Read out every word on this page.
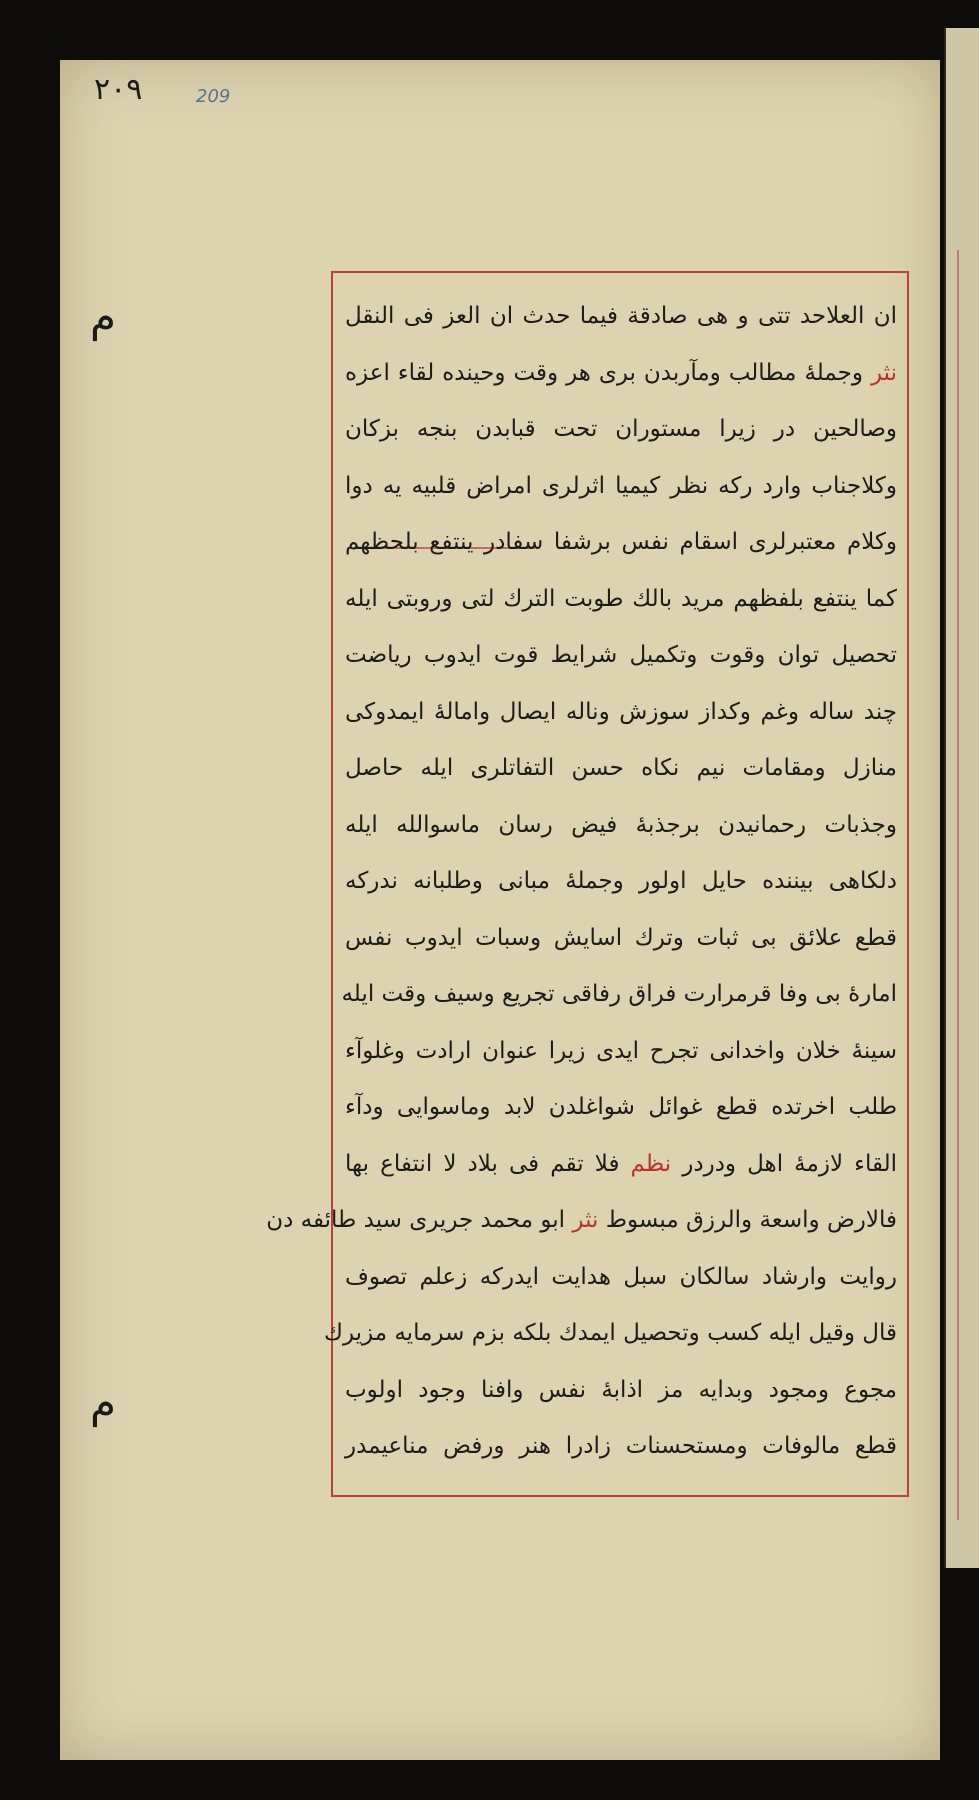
٢٠٩	209
م
م
ان العلاحد تتى و هى صادقة فيما حدث ان العز فى النقل
نثر وجملهٔ مطالب ومآربدن برى هر وقت وحينده لقاء اعزه
وصالحين در زيرا مستوران تحت قبابدن بنجه بزكان
وكلاجناب وارد ركه نظر كيميا اثرلرى امراض قلبيه يه دوا
وكلام معتبرلرى اسقام نفس برشفا سفادر ينتفع بلحظهم
كما ينتفع بلفظهم مريد بالك طوبت الترك لتى وروبتى ايله
تحصيل توان وقوت وتكميل شرايط قوت ايدوب رياضت
چند ساله وغم وكداز سوزش وناله ايصال وامالهٔ ايمدوكى
منازل ومقامات نيم نكاه حسن التفاتلرى ايله حاصل
وجذبات رحمانيدن برجذبهٔ فيض رسان ماسوالله ايله
دلكاهى بيننده حايل اولور وجملهٔ مبانى وطلبانه ندركه
قطع علائق بى ثبات وترك اسايش وسبات ايدوب نفس
امارهٔ بى وفا قرمرارت فراق رفاقى تجريع وسيف وقت ايله
سينهٔ خلان واخدانى تجرح ايدى زيرا عنوان ارادت وغلوآء
طلب اخرتده قطع غوائل شواغلدن لابد وماسوايى ودآء
القاء لازمهٔ اهل ودردر نظم فلا تقم فى بلاد لا انتفاع بها
فالارض واسعة والرزق مبسوط نثر ابو محمد جريرى سيد طائفه دن
روايت وارشاد سالكان سبل هدايت ايدركه زعلم تصوف
قال وقيل ايله كسب وتحصيل ايمدك بلكه بزم سرمايه مزيرك
مجوع ومجود وبدايه مز اذابهٔ نفس وافنا وجود اولوب
قطع مالوفات ومستحسنات زادرا هنر ورفض مناعيمدر
